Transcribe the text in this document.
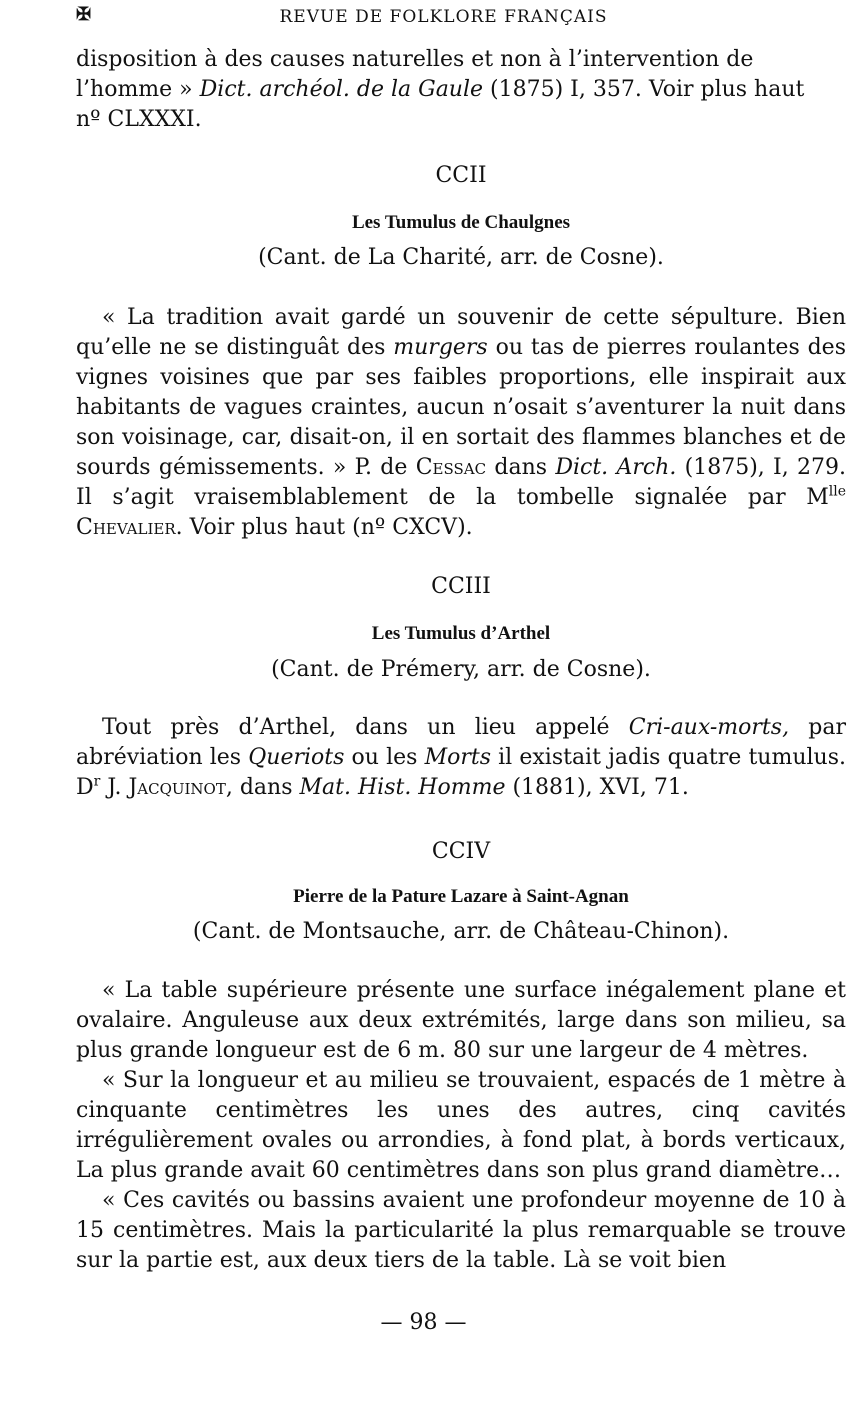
✠	REVUE DE FOLKLORE FRANÇAIS

disposition à des causes naturelles et non à l’intervention de

l’homme » Dict. archéol. de la Gaule (1875) I, 357. Voir plus haut

nº CLXXXI.

CCII
Les Tumulus de Chaulgnes
(Cant. de La Charité, arr. de Cosne).

« La tradition avait gardé un souvenir de cette sépulture. Bien qu’elle ne se distinguât des murgers ou tas de pierres roulantes des vignes voisines que par ses faibles proportions, elle inspirait aux habitants de vagues craintes, aucun n’osait s’aventurer la nuit dans son voisinage, car, disait-on, il en sortait des flammes blanches et de sourds gémissements. » P. de Cessac dans Dict. Arch. (1875), I, 279. Il s’agit vraisemblablement de la tombelle signalée par $M^{lle}$ Chevalier. Voir plus haut (nº CXCV).

CCIII
Les Tumulus d’Arthel
(Cant. de Prémery, arr. de Cosne).

Tout près d’Arthel, dans un lieu appelé Cri-aux-morts, par abréviation les Queriots ou les Morts il existait jadis quatre tumulus. $D^r$ J. Jacquinot, dans Mat. Hist. Homme (1881), XVI, 71.

CCIV
Pierre de la Pature Lazare à Saint-Agnan
(Cant. de Montsauche, arr. de Château-Chinon).

« La table supérieure présente une surface inégalement plane et ovalaire. Anguleuse aux deux extrémités, large dans son milieu, sa plus grande longueur est de 6 m. 80 sur une largeur de 4 mètres.

« Sur la longueur et au milieu se trouvaient, espacés de 1 mètre à cinquante centimètres les unes des autres, cinq cavités irrégulièrement ovales ou arrondies, à fond plat, à bords verticaux, La plus grande avait 60 centimètres dans son plus grand diamètre…

« Ces cavités ou bassins avaient une profondeur moyenne de 10 à 15 centimètres. Mais la particularité la plus remarquable se trouve sur la partie est, aux deux tiers de la table. Là se voit bien

— 98 —
